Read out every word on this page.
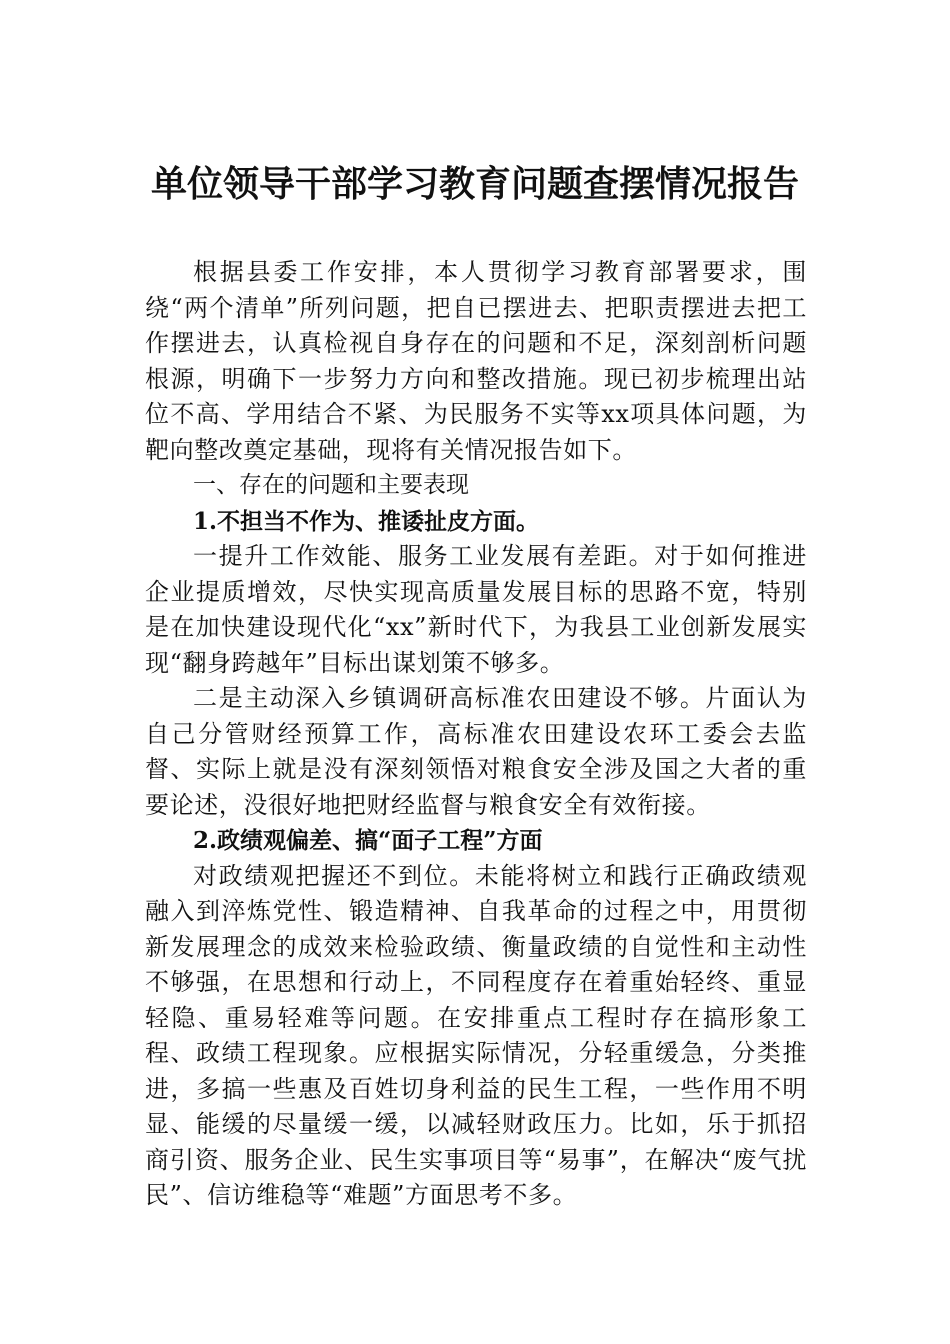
单位领导干部学习教育问题查摆情况报告

根据县委工作安排，本人贯彻学习教育部署要求，围绕“两个清单”所列问题，把自已摆进去、把职责摆进去把工作摆进去，认真检视自身存在的问题和不足，深刻剖析问题根源，明确下一步努力方向和整改措施。现已初步梳理出站位不高、学用结合不紧、为民服务不实等xx项具体问题，为靶向整改奠定基础，现将有关情况报告如下。

一、存在的问题和主要表现

1.不担当不作为、推诿扯皮方面。

一提升工作效能、服务工业发展有差距。对于如何推进企业提质增效，尽快实现高质量发展目标的思路不宽，特别是在加快建设现代化“xx”新时代下，为我县工业创新发展实现“翻身跨越年”目标出谋划策不够多。

二是主动深入乡镇调研高标准农田建设不够。片面认为自己分管财经预算工作，高标准农田建设农环工委会去监督、实际上就是没有深刻领悟对粮食安全涉及国之大者的重要论述，没很好地把财经监督与粮食安全有效衔接。

2.政绩观偏差、搞“面子工程”方面

对政绩观把握还不到位。未能将树立和践行正确政绩观融入到淬炼党性、锻造精神、自我革命的过程之中，用贯彻新发展理念的成效来检验政绩、衡量政绩的自觉性和主动性不够强，在思想和行动上，不同程度存在着重始轻终、重显轻隐、重易轻难等问题。在安排重点工程时存在搞形象工程、政绩工程现象。应根据实际情况，分轻重缓急，分类推进，多搞一些惠及百姓切身利益的民生工程，一些作用不明显、能缓的尽量缓一缓，以减轻财政压力。比如，乐于抓招商引资、服务企业、民生实事项目等“易事”，在解决“废气扰民”、信访维稳等“难题”方面思考不多。
